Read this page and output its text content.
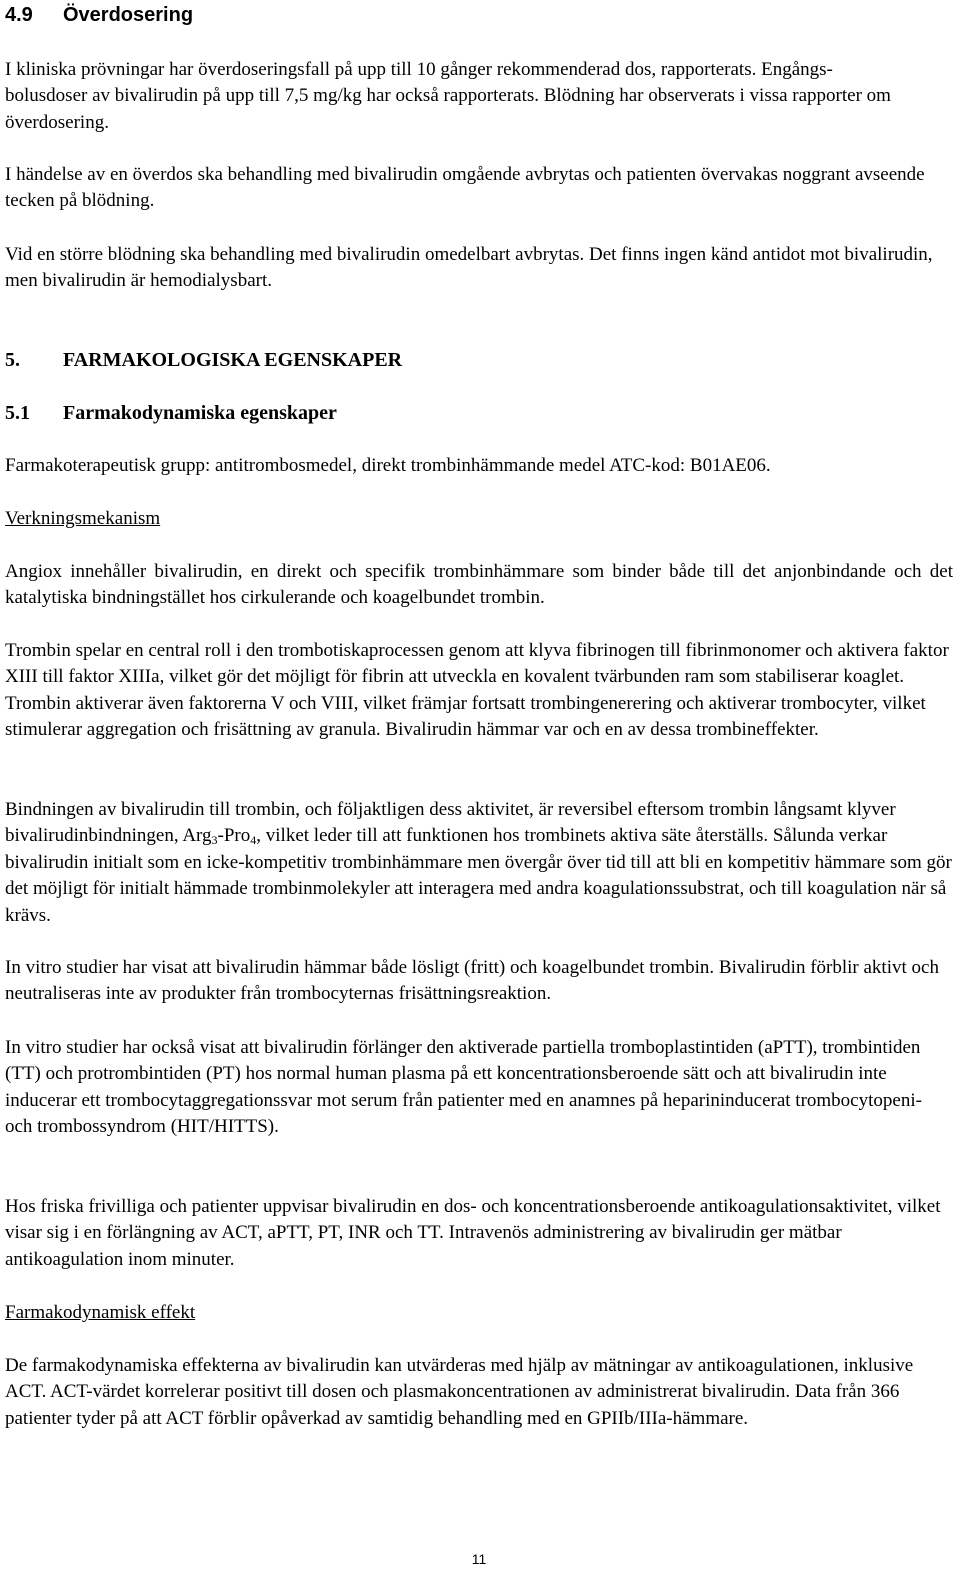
4.9 Överdosering

I kliniska prövningar har överdoseringsfall på upp till 10 gånger rekommenderad dos, rapporterats. Engångs-bolusdoser av bivalirudin på upp till 7,5 mg/kg har också rapporterats. Blödning har observerats i vissa rapporter om överdosering.

I händelse av en överdos ska behandling med bivalirudin omgående avbrytas och patienten övervakas noggrant avseende tecken på blödning.

Vid en större blödning ska behandling med bivalirudin omedelbart avbrytas. Det finns ingen känd antidot mot bivalirudin, men bivalirudin är hemodialysbart.

5. FARMAKOLOGISKA EGENSKAPER
5.1 Farmakodynamiska egenskaper

Farmakoterapeutisk grupp: antitrombosmedel, direkt trombinhämmande medel ATC-kod: B01AE06.

Verkningsmekanism

Angiox innehåller bivalirudin, en direkt och specifik trombinhämmare som binder både till det anjonbindande och det katalytiska bindningstället hos cirkulerande och koagelbundet trombin.

Trombin spelar en central roll i den trombotiskaprocessen genom att klyva fibrinogen till fibrinmonomer och aktivera faktor XIII till faktor XIIIa, vilket gör det möjligt för fibrin att utveckla en kovalent tvärbunden ram som stabiliserar koaglet. Trombin aktiverar även faktorerna V och VIII, vilket främjar fortsatt trombingenerering och aktiverar trombocyter, vilket stimulerar aggregation och frisättning av granula. Bivalirudin hämmar var och en av dessa trombineffekter.

Bindningen av bivalirudin till trombin, och följaktligen dess aktivitet, är reversibel eftersom trombin långsamt klyver bivalirudinbindningen, Arg$_3$-Pro$_4$, vilket leder till att funktionen hos trombinets aktiva säte återställs. Sålunda verkar bivalirudin initialt som en icke-kompetitiv trombinhämmare men övergår över tid till att bli en kompetitiv hämmare som gör det möjligt för initialt hämmade trombinmolekyler att interagera med andra koagulationssubstrat, och till koagulation när så krävs.

In vitro studier har visat att bivalirudin hämmar både lösligt (fritt) och koagelbundet trombin. Bivalirudin förblir aktivt och neutraliseras inte av produkter från trombocyternas frisättningsreaktion.

In vitro studier har också visat att bivalirudin förlänger den aktiverade partiella tromboplastintiden (aPTT), trombintiden (TT) och protrombintiden (PT) hos normal human plasma på ett koncentrationsberoende sätt och att bivalirudin inte inducerar ett trombocytaggregationssvar mot serum från patienter med en anamnes på heparininducerat trombocytopeni- och trombossyndrom (HIT/HITTS).

Hos friska frivilliga och patienter uppvisar bivalirudin en dos- och koncentrationsberoende antikoagulationsaktivitet, vilket visar sig i en förlängning av ACT, aPTT, PT, INR och TT. Intravenös administrering av bivalirudin ger mätbar antikoagulation inom minuter.

Farmakodynamisk effekt

De farmakodynamiska effekterna av bivalirudin kan utvärderas med hjälp av mätningar av antikoagulationen, inklusive ACT. ACT-värdet korrelerar positivt till dosen och plasmakoncentrationen av administrerat bivalirudin. Data från 366 patienter tyder på att ACT förblir opåverkad av samtidig behandling med en GPIIb/IIIa-hämmare.

11
